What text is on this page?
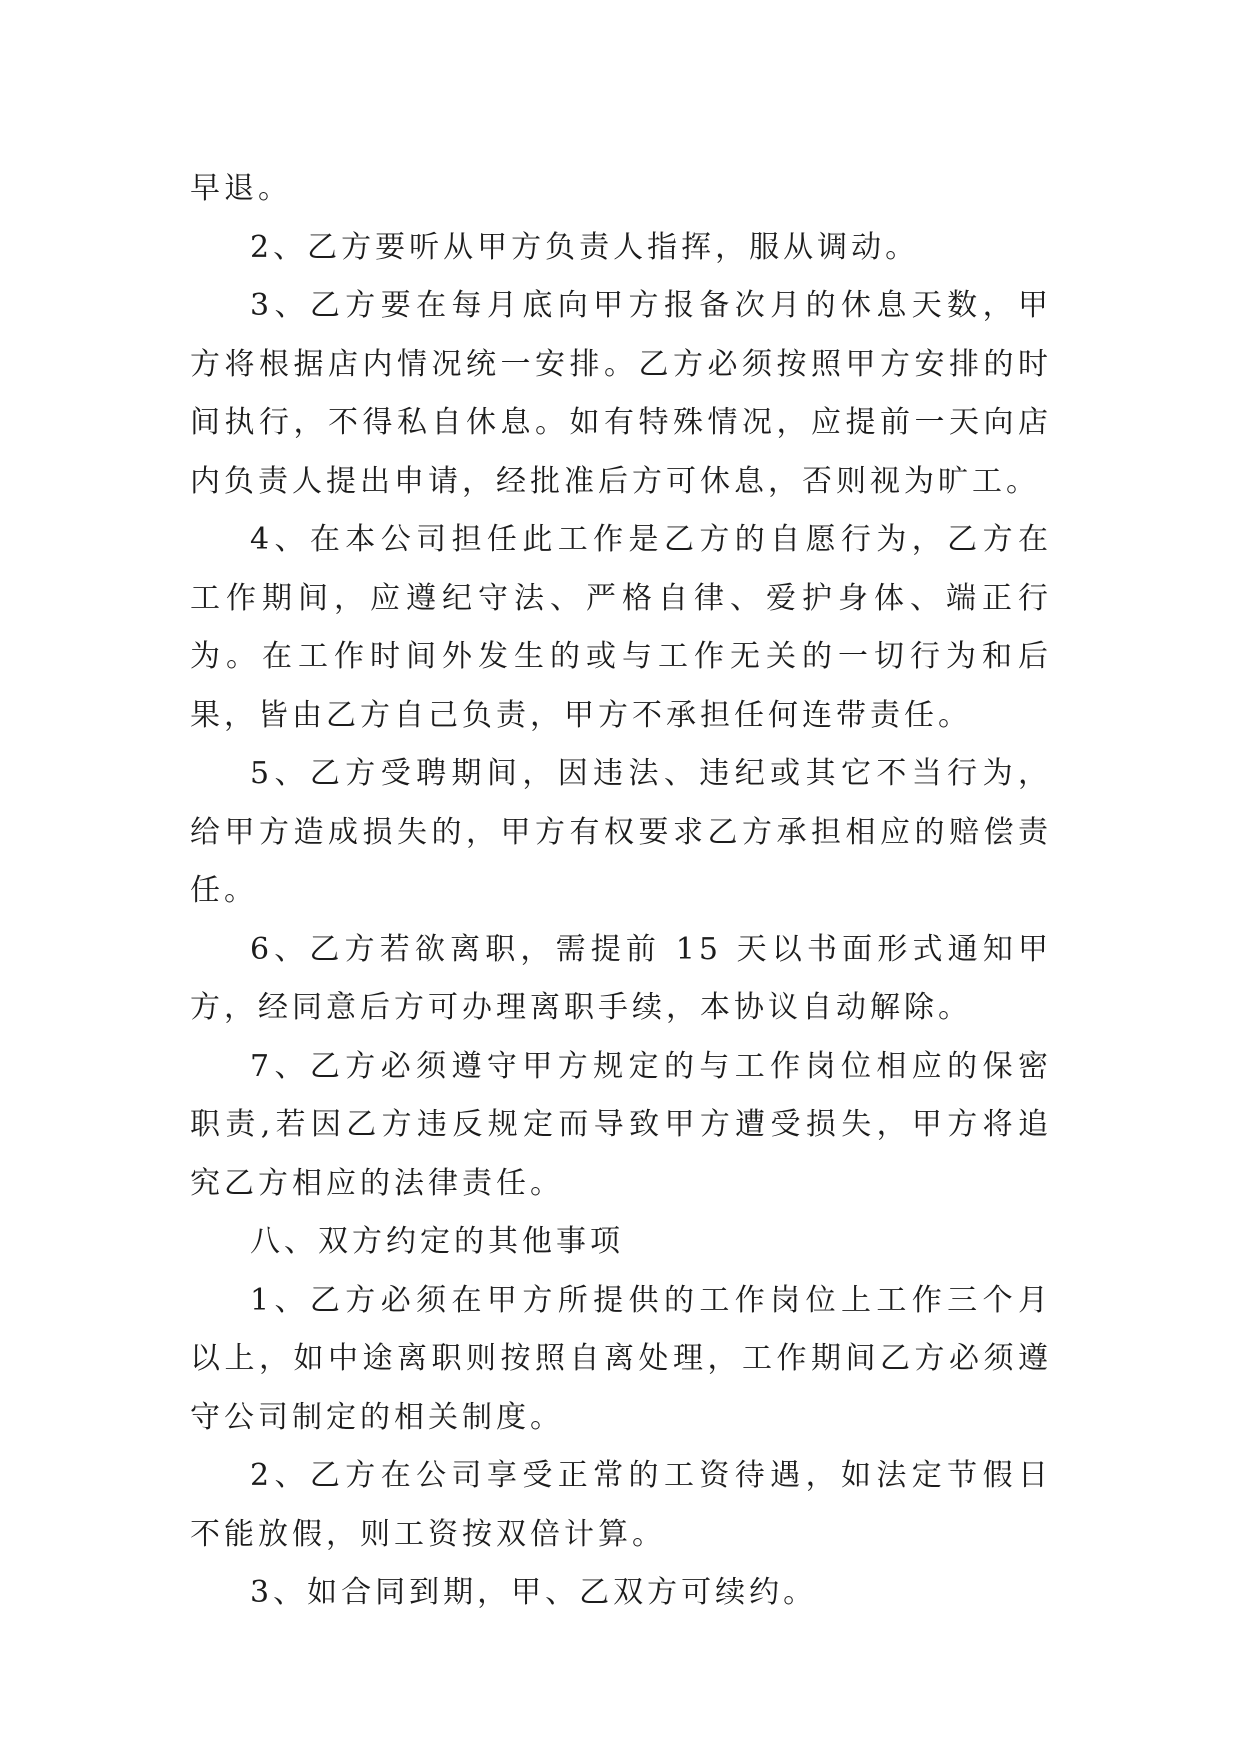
早退。

2、乙方要听从甲方负责人指挥，服从调动。

3、乙方要在每月底向甲方报备次月的休息天数，甲方将根据店内情况统一安排。乙方必须按照甲方安排的时间执行，不得私自休息。如有特殊情况，应提前一天向店内负责人提出申请，经批准后方可休息，否则视为旷工。

4、在本公司担任此工作是乙方的自愿行为，乙方在工作期间，应遵纪守法、严格自律、爱护身体、端正行为。在工作时间外发生的或与工作无关的一切行为和后果，皆由乙方自己负责，甲方不承担任何连带责任。

5、乙方受聘期间，因违法、违纪或其它不当行为，给甲方造成损失的，甲方有权要求乙方承担相应的赔偿责任。

6、乙方若欲离职，需提前 15 天以书面形式通知甲方，经同意后方可办理离职手续，本协议自动解除。

7、乙方必须遵守甲方规定的与工作岗位相应的保密职责,若因乙方违反规定而导致甲方遭受损失，甲方将追究乙方相应的法律责任。

八、双方约定的其他事项

1、乙方必须在甲方所提供的工作岗位上工作三个月以上，如中途离职则按照自离处理，工作期间乙方必须遵守公司制定的相关制度。

2、乙方在公司享受正常的工资待遇，如法定节假日不能放假，则工资按双倍计算。

3、如合同到期，甲、乙双方可续约。
